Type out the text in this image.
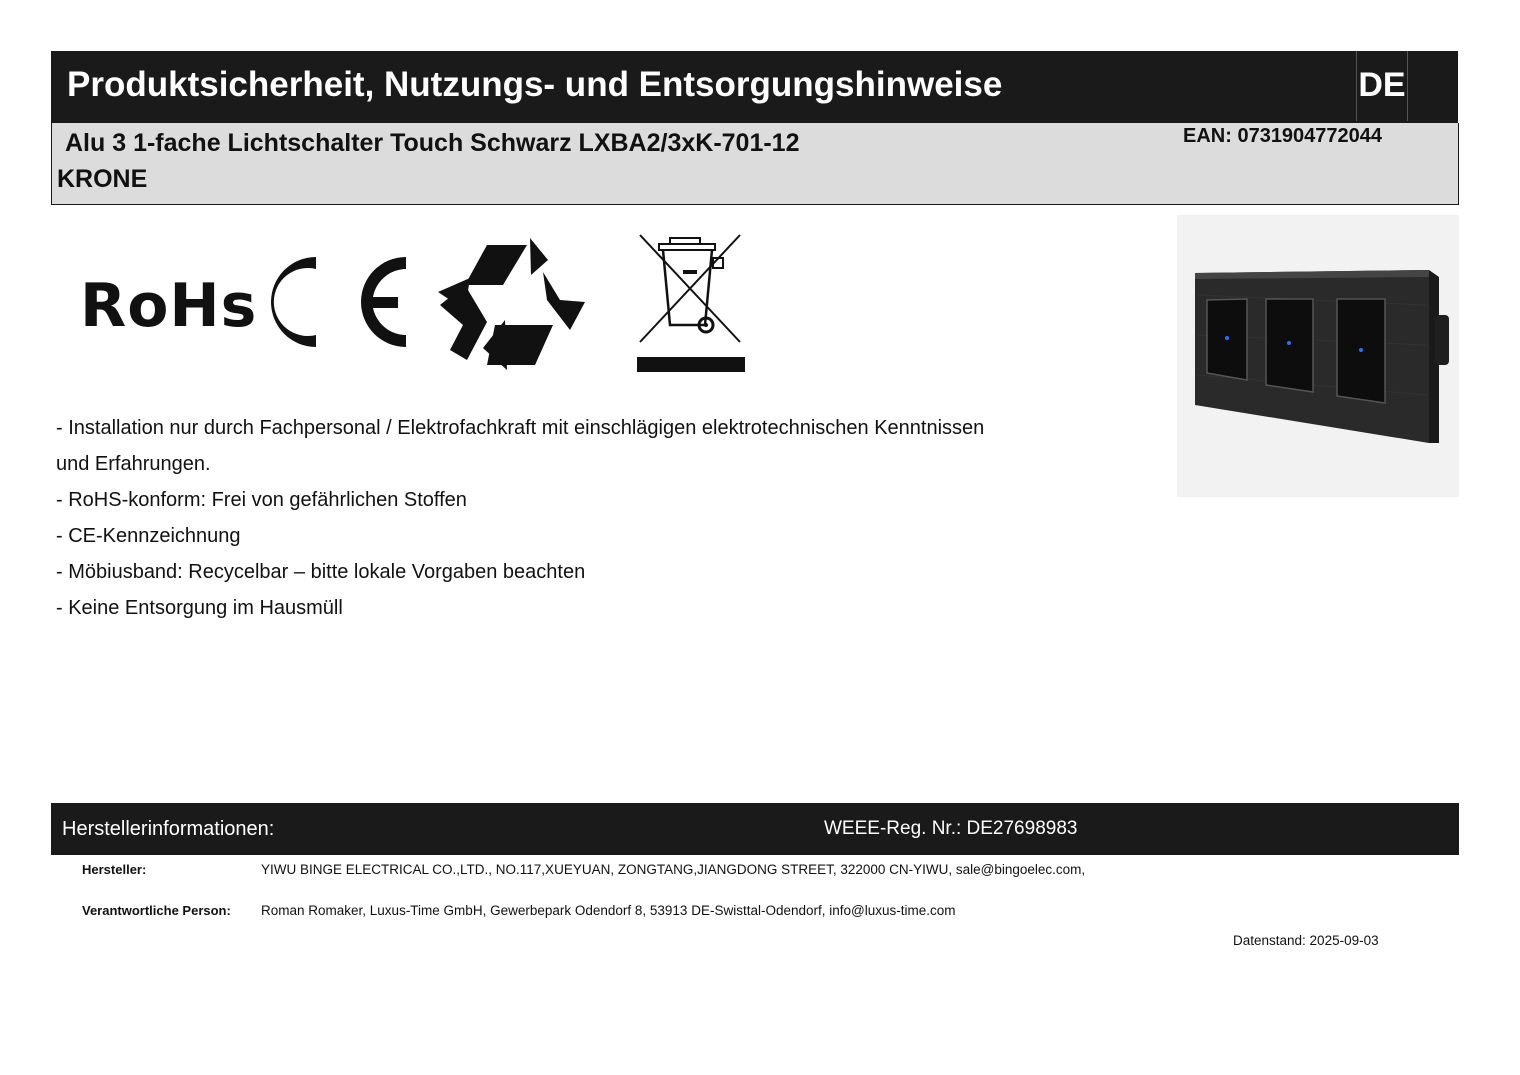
Produktsicherheit, Nutzungs- und Entsorgungshinweise	DE
Alu 3 1-fache Lichtschalter Touch Schwarz LXBA2/3xK-701-12
KRONE
EAN: 0731904772044
RoHs
- Installation nur durch Fachpersonal / Elektrofachkraft mit einschlägigen elektrotechnischen Kenntnissen
und Erfahrungen.
- RoHS-konform: Frei von gefährlichen Stoffen
- CE-Kennzeichnung
- Möbiusband: Recycelbar – bitte lokale Vorgaben beachten
- Keine Entsorgung im Hausmüll
Herstellerinformationen:	WEEE-Reg. Nr.: DE27698983
Hersteller:	YIWU BINGE ELECTRICAL CO.,LTD., NO.117,XUEYUAN, ZONGTANG,JIANGDONG STREET, 322000 CN-YIWU, sale@bingoelec.com,
Verantwortliche Person: Roman Romaker, Luxus-Time GmbH, Gewerbepark Odendorf 8, 53913 DE-Swisttal-Odendorf, info@luxus-time.com
Datenstand: 2025-09-03
